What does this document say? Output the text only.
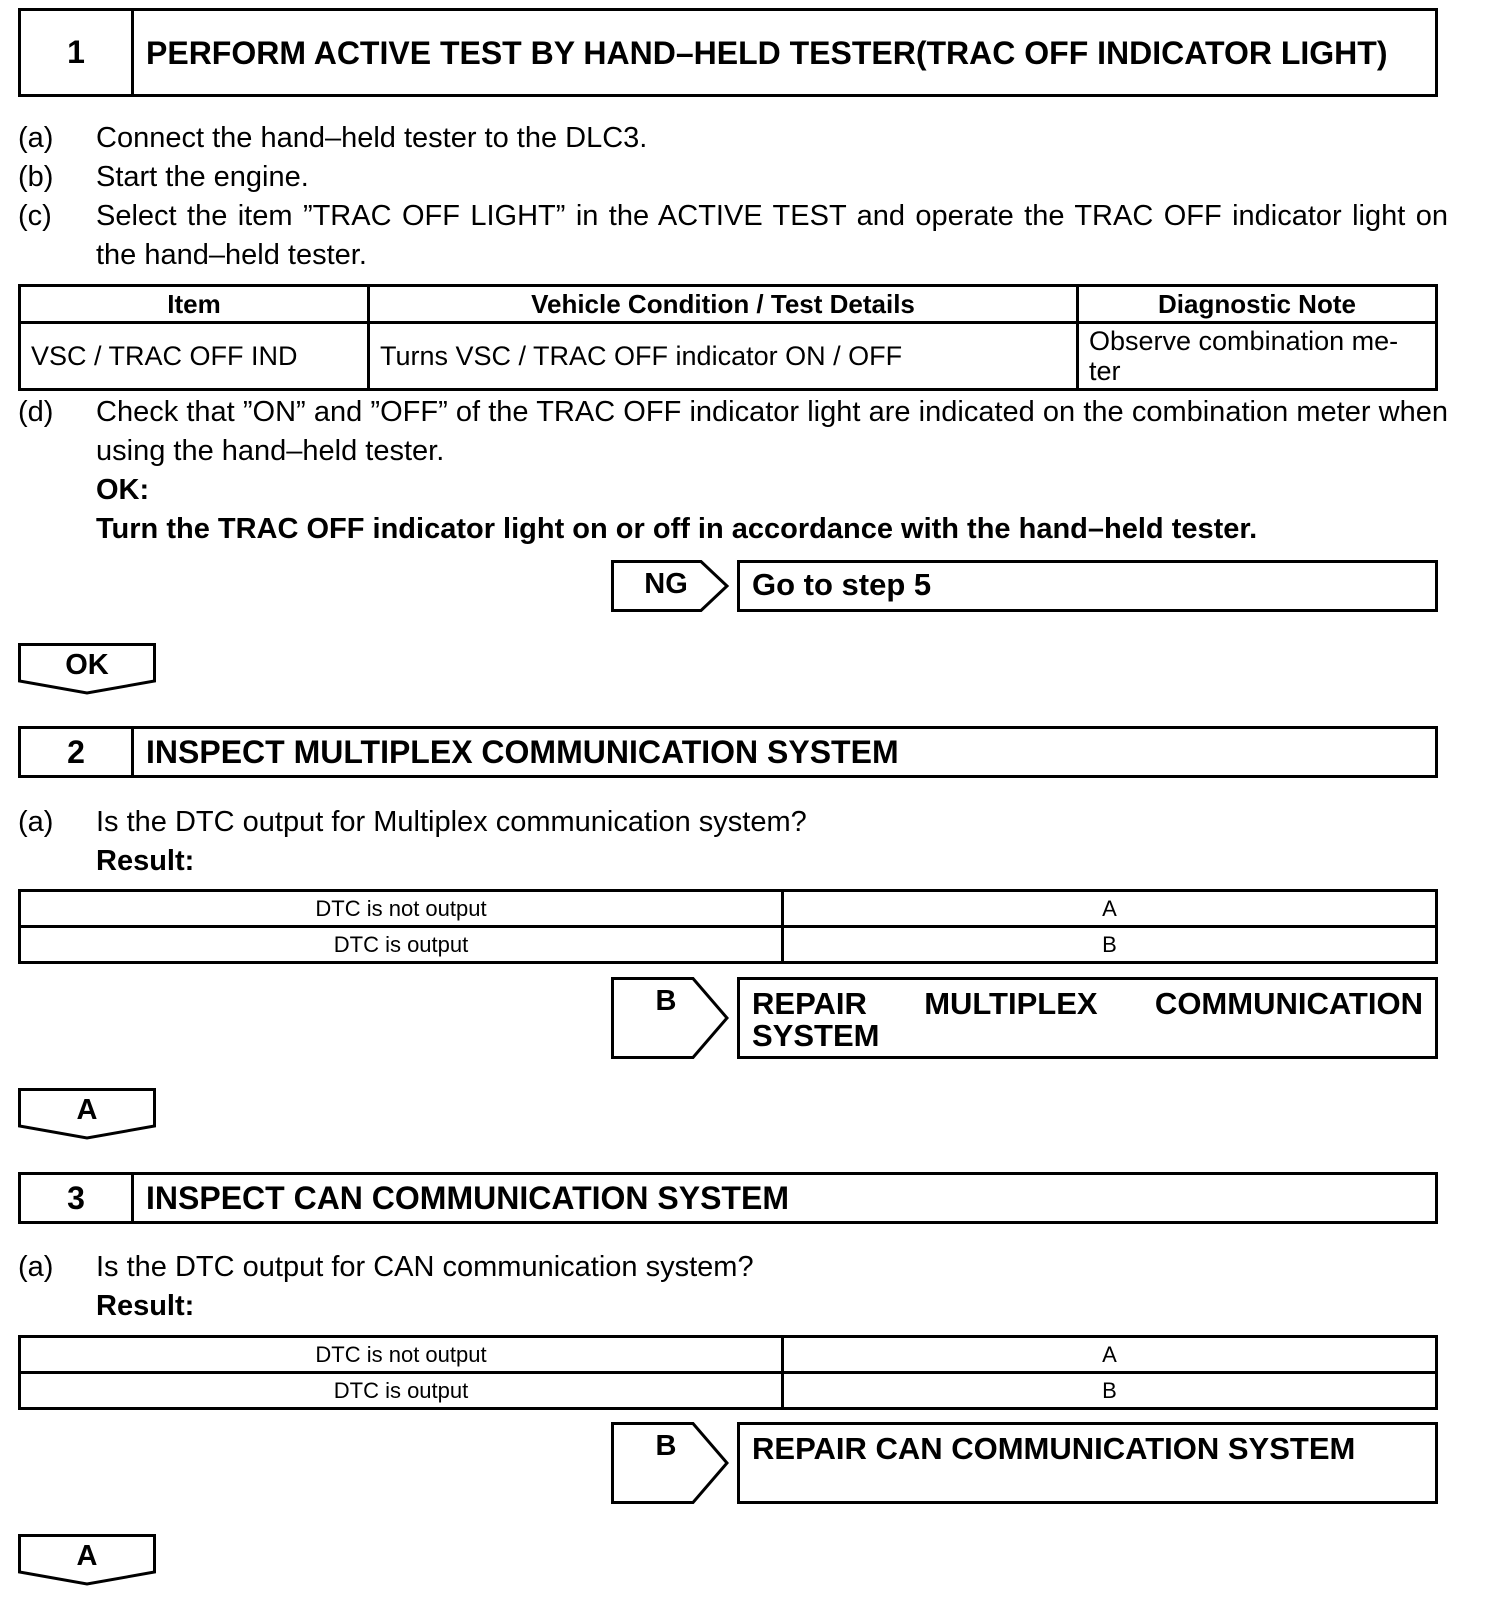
1	PERFORM ACTIVE TEST BY HAND–HELD TESTER(TRAC OFF INDICATOR LIGHT)
(a) Connect the hand–held tester to the DLC3.
(b) Start the engine.
(c) Select the item ”TRAC OFF LIGHT” in the ACTIVE TEST and operate the TRAC OFF indicator light on the hand–held tester.
Item	Vehicle Condition / Test Details	Diagnostic Note
VSC / TRAC OFF IND	Turns VSC / TRAC OFF indicator ON / OFF	Observe combination me- ter
(d) Check that ”ON” and ”OFF” of the TRAC OFF indicator light are indicated on the combination meter when using the hand–held tester.
OK:
Turn the TRAC OFF indicator light on or off in accordance with the hand–held tester.
NG	Go to step 5
OK
2	INSPECT MULTIPLEX COMMUNICATION SYSTEM
(a) Is the DTC output for Multiplex communication system?
Result:
DTC is not output	A
DTC is output	B
B	REPAIR MULTIPLEX COMMUNICATION
SYSTEM
A
3	INSPECT CAN COMMUNICATION SYSTEM
(a) Is the DTC output for CAN communication system?
Result:
DTC is not output	A
DTC is output	B
B	REPAIR CAN COMMUNICATION SYSTEM
A
